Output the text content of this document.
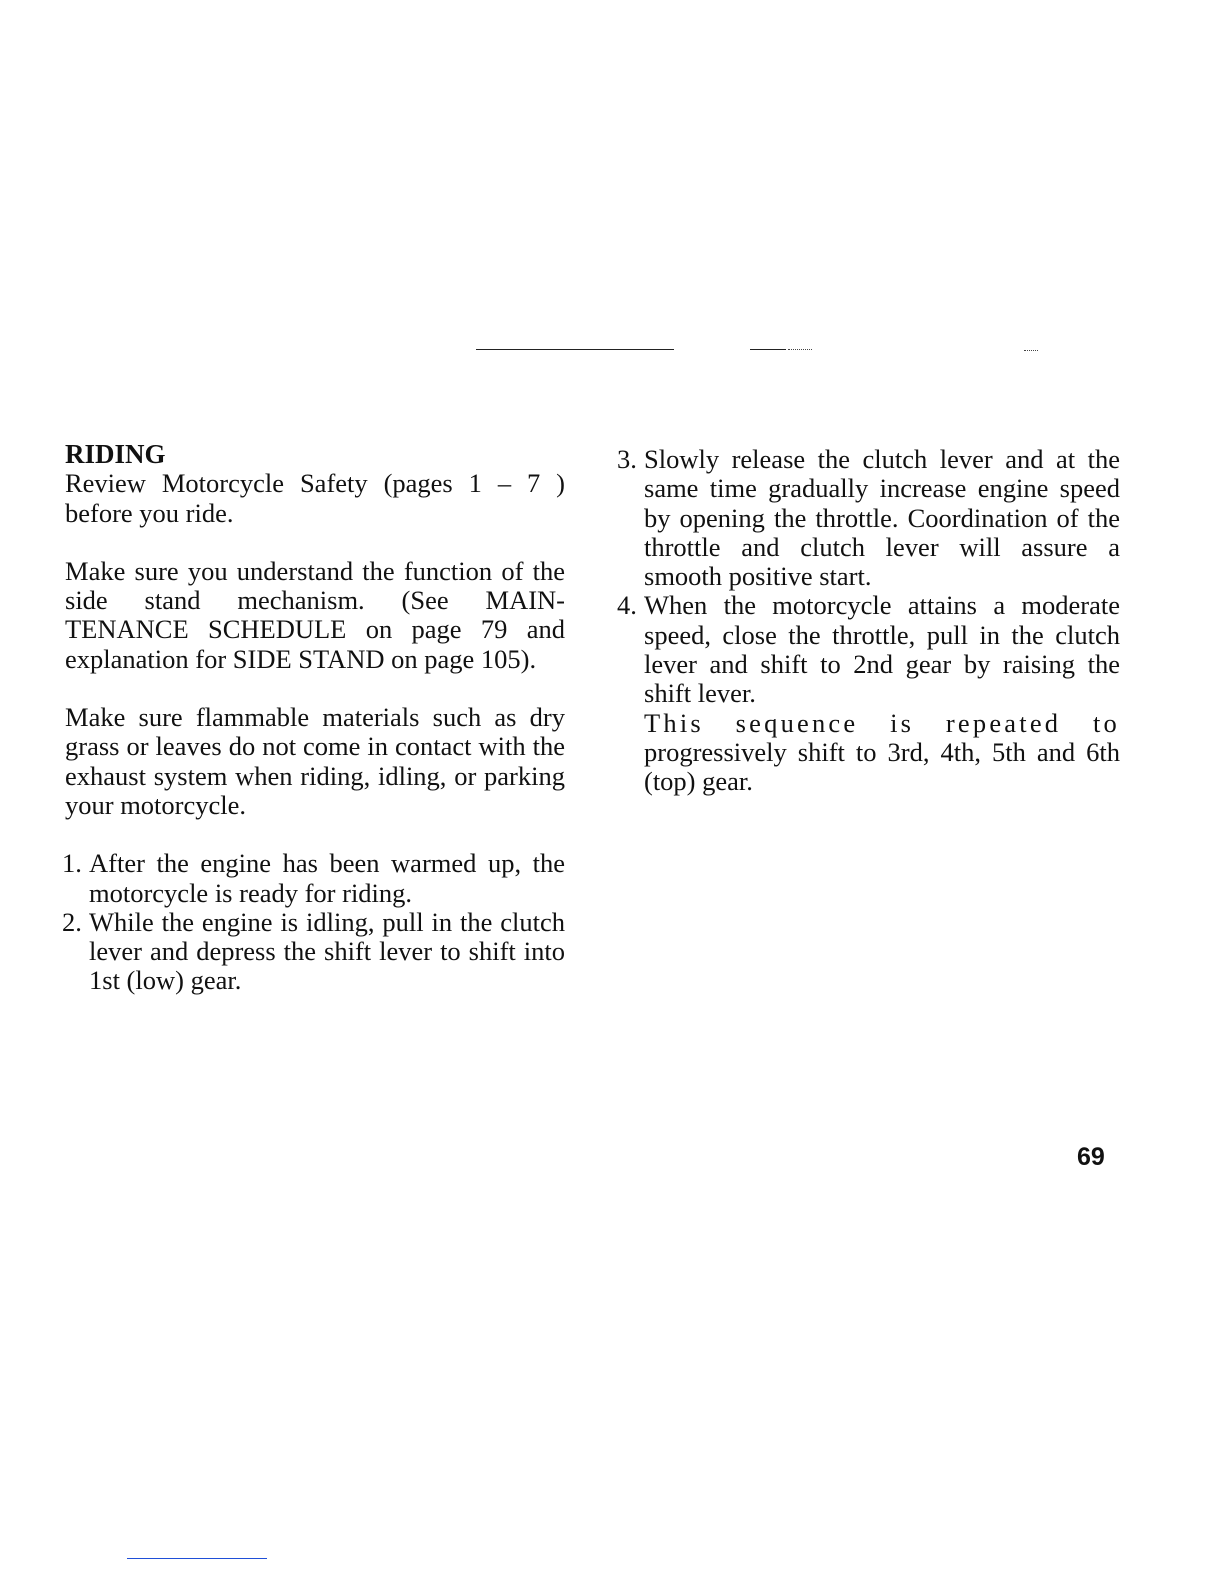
RIDING

Review Motorcycle Safety (pages 1 – 7 ) before you ride.

Make sure you understand the function of the side stand mechanism. (See MAIN-TENANCE SCHEDULE on page 79 and explanation for SIDE STAND on page 105).

Make sure flammable materials such as dry grass or leaves do not come in contact with the exhaust system when riding, idling, or parking your motorcycle.

1. After the engine has been warmed up, the motorcycle is ready for riding.
2. While the engine is idling, pull in the clutch lever and depress the shift lever to shift into 1st (low) gear.
3. Slowly release the clutch lever and at the same time gradually increase engine speed by opening the throttle. Coordination of the throttle and clutch lever will assure a smooth positive start.
4. When the motorcycle attains a moderate speed, close the throttle, pull in the clutch lever and shift to 2nd gear by raising the shift lever.
This sequence is repeated to progressively shift to 3rd, 4th, 5th and 6th (top) gear.
69
